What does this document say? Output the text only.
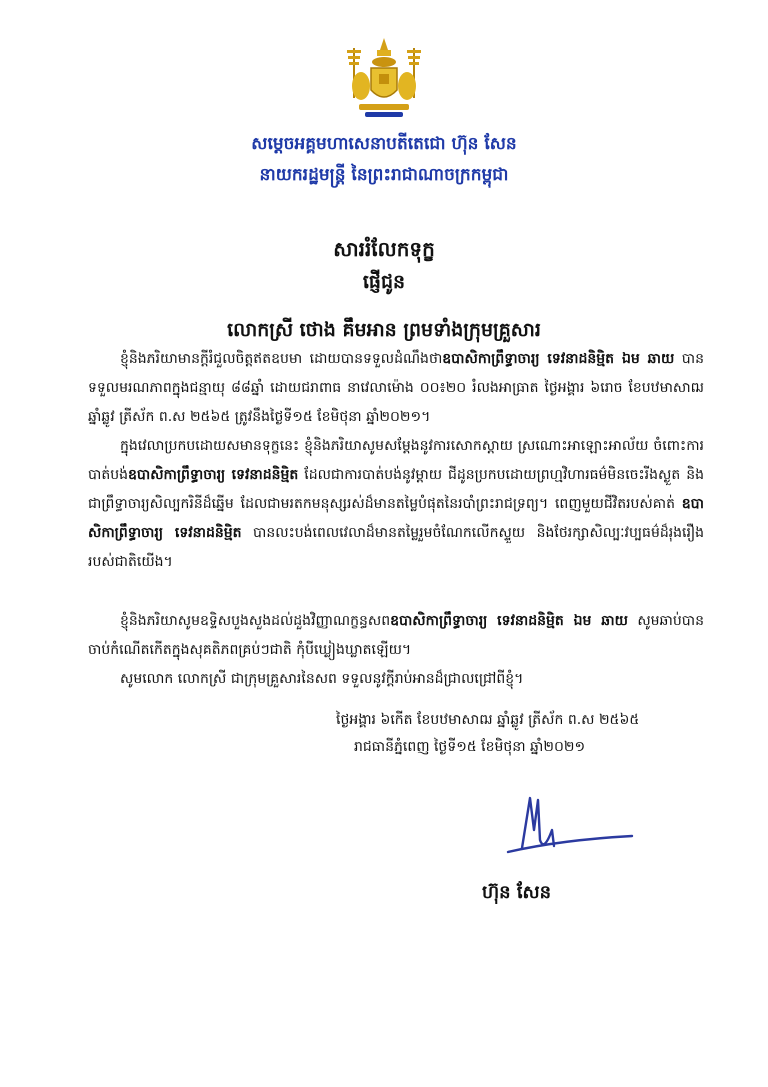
សម្ដេចអគ្គមហាសេនាបតីតេជោ ហ៊ុន សែន
នាយករដ្ឋមន្ត្រី នៃព្រះរាជាណាចក្រកម្ពុជា
សាររំលែកទុក្ខ
ផ្ញើជូន
លោកស្រី ថោង គឹមអាន ព្រមទាំងក្រុមគ្រួសារ
ខ្ញុំនិងភរិយាមានក្ដីរំជួលចិត្តឥតឧបមា ដោយបានទទួលដំណឹងថាឧបាសិកាព្រឹទ្ធាចារ្យ ទេវនាដនិម្មិត ឯម ឆាយ បានទទួលមរណភាពក្នុងជន្មាយុ ៨៨ឆ្នាំ ដោយជរាពាធ នាវេលាម៉ោង ០០៖២០ រំលងអាធ្រាត ថ្ងៃអង្គារ ៦រោច ខែបឋមាសាឍ ឆ្នាំឆ្លូវ ត្រីស័ក ព.ស ២៥៦៥ ត្រូវនឹងថ្ងៃទី១៥ ខែមិថុនា ឆ្នាំ២០២១។
ក្នុងវេលាប្រកបដោយសមានទុក្ខនេះ ខ្ញុំនិងភរិយាសូមសម្ដែងនូវការសោកស្ដាយ ស្រណោះអាឡោះអាល័យ ចំពោះការបាត់បង់ឧបាសិកាព្រឹទ្ធាចារ្យ ទេវនាដនិម្មិត ដែលជាការបាត់បង់នូវម្ដាយ ជីដូនប្រកបដោយព្រហ្មវិហារធម៌មិនចេះរីងស្ងួត និងជាព្រឹទ្ធាចារ្យសិល្បករិនីដ៏ឆ្នើម ដែលជាមរតកមនុស្សរស់ដ៏មានតម្លៃបំផុតនៃរបាំព្រះរាជទ្រព្យ។ ពេញមួយជីវិតរបស់គាត់ ឧបាសិកាព្រឹទ្ធាចារ្យ ទេវនាដនិម្មិត បានលះបង់ពេលវេលាដ៏មានតម្លៃរួមចំណែកលើកស្ទួយ និងថែរក្សាសិល្បៈវប្បធម៌ដ៏រុងរឿងរបស់ជាតិយើង។
ខ្ញុំនិងភរិយាសូមឧទ្ទិសបួងសួងដល់ដួងវិញ្ញាណក្ខន្ធសពឧបាសិកាព្រឹទ្ធាចារ្យ ទេវនាដនិម្មិត ឯម ឆាយ សូមឆាប់បានចាប់កំណើតកើតក្នុងសុគតិភពគ្រប់ៗជាតិ កុំបីឃ្លៀងឃ្លាតឡើយ។
សូមលោក លោកស្រី ជាក្រុមគ្រួសារនៃសព ទទួលនូវក្ដីរាប់អានដ៏ជ្រាលជ្រៅពីខ្ញុំ។
ថ្ងៃអង្គារ ៦កើត ខែបឋមាសាឍ ឆ្នាំឆ្លូវ ត្រីស័ក ព.ស ២៥៦៥
រាជធានីភ្នំពេញ ថ្ងៃទី១៥ ខែមិថុនា ឆ្នាំ២០២១
ហ៊ុន សែន
